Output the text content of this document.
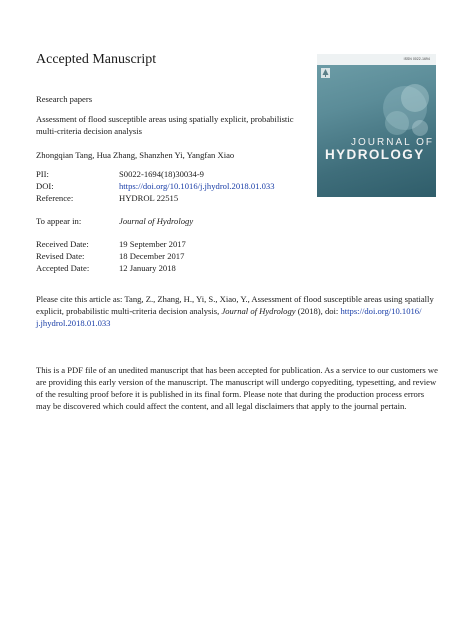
Accepted Manuscript
Research papers
Assessment of flood susceptible areas using spatially explicit, probabilistic
multi-criteria decision analysis
Zhongqian Tang, Hua Zhang, Shanzhen Yi, Yangfan Xiao
PII:	S0022-1694(18)30034-9
DOI:	https://doi.org/10.1016/j.jhydrol.2018.01.033
Reference:	HYDROL 22515
To appear in:	Journal of Hydrology
Received Date:	19 September 2017
Revised Date:	18 December 2017
Accepted Date:	12 January 2018
Please cite this article as: Tang, Z., Zhang, H., Yi, S., Xiao, Y., Assessment of flood susceptible areas using spatially explicit, probabilistic multi-criteria decision analysis, Journal of Hydrology (2018), doi: https://doi.org/10.1016/ j.jhydrol.2018.01.033
This is a PDF file of an unedited manuscript that has been accepted for publication. As a service to our customers we are providing this early version of the manuscript. The manuscript will undergo copyediting, typesetting, and review of the resulting proof before it is published in its final form. Please note that during the production process errors may be discovered which could affect the content, and all legal disclaimers that apply to the journal pertain.
ISSN 0022-1694
JOURNAL OF
HYDROLOGY
